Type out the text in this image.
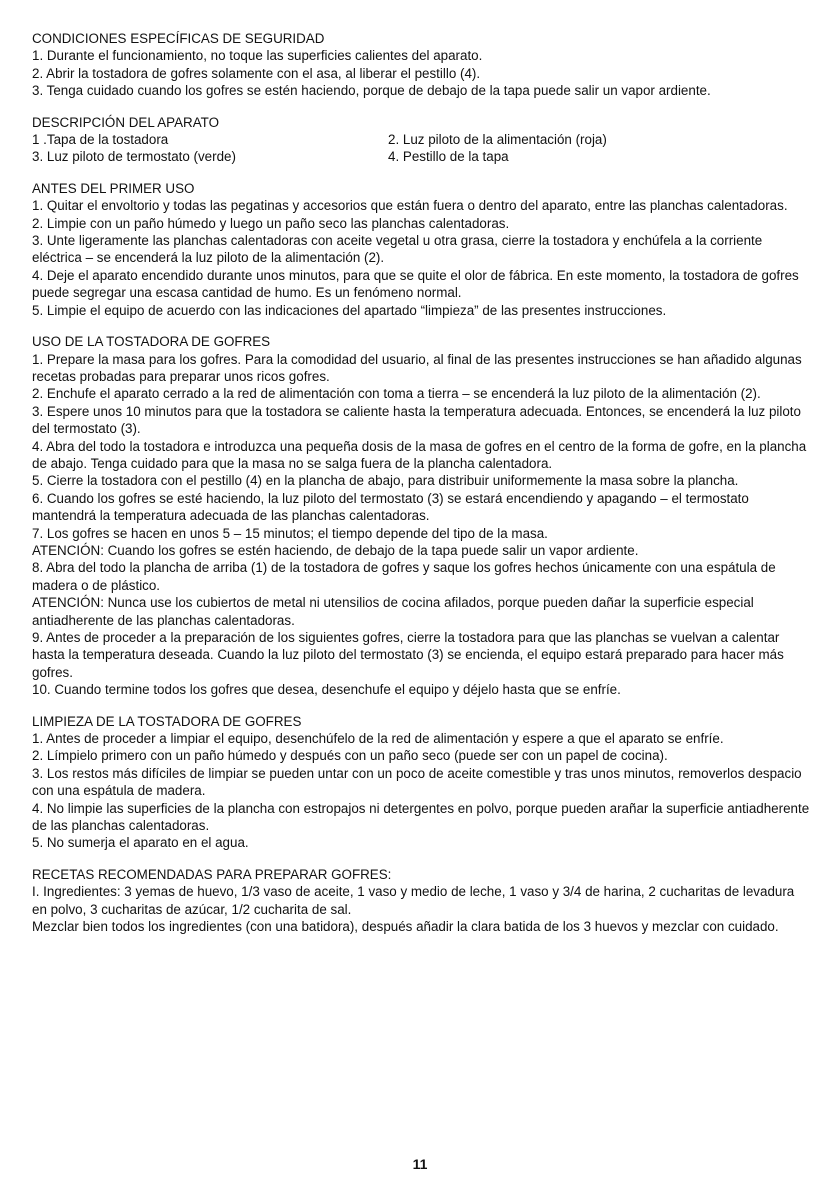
CONDICIONES ESPECÍFICAS DE SEGURIDAD

1. Durante el funcionamiento, no toque las superficies calientes del aparato.

2. Abrir la tostadora de gofres solamente con el asa, al liberar el pestillo (4).

3. Tenga cuidado cuando los gofres se estén haciendo, porque de debajo de la tapa puede salir un vapor ardiente.

DESCRIPCIÓN DEL APARATO

1 .Tapa de la tostadora	2. Luz piloto de la alimentación (roja)

3. Luz piloto de termostato (verde)	4. Pestillo de la tapa

ANTES DEL PRIMER USO

1. Quitar el envoltorio y todas las pegatinas y accesorios que están fuera o dentro del aparato, entre las planchas calentadoras.

2. Limpie con un paño húmedo y luego un paño seco las planchas calentadoras.

3. Unte ligeramente las planchas calentadoras con aceite vegetal u otra grasa, cierre la tostadora y enchúfela a la corriente eléctrica – se encenderá la luz piloto de la alimentación (2).

4. Deje el aparato encendido durante unos minutos, para que se quite el olor de fábrica. En este momento, la tostadora de gofres puede segregar una escasa cantidad de humo. Es un fenómeno normal.

5. Limpie el equipo de acuerdo con las indicaciones del apartado “limpieza” de las presentes instrucciones.

USO DE LA TOSTADORA DE GOFRES

1. Prepare la masa para los gofres. Para la comodidad del usuario, al final de las presentes instrucciones se han añadido algunas recetas probadas para preparar unos ricos gofres.

2. Enchufe el aparato cerrado a la red de alimentación con toma a tierra – se encenderá la luz piloto de la alimentación (2).

3. Espere unos 10 minutos para que la tostadora se caliente hasta la temperatura adecuada. Entonces, se encenderá la luz piloto del termostato (3).

4. Abra del todo la tostadora e introduzca una pequeña dosis de la masa de gofres en el centro de la forma de gofre, en la plancha de abajo. Tenga cuidado para que la masa no se salga fuera de la plancha calentadora.

5. Cierre la tostadora con el pestillo (4) en la plancha de abajo, para distribuir uniformemente la masa sobre la plancha.

6. Cuando los gofres se esté haciendo, la luz piloto del termostato (3) se estará encendiendo y apagando – el termostato mantendrá la temperatura adecuada de las planchas calentadoras.

7. Los gofres se hacen en unos 5 – 15 minutos; el tiempo depende del tipo de la masa.

ATENCIÓN: Cuando los gofres se estén haciendo, de debajo de la tapa puede salir un vapor ardiente.

8. Abra del todo la plancha de arriba (1) de la tostadora de gofres y saque los gofres hechos únicamente con una espátula de madera o de plástico.

ATENCIÓN: Nunca use los cubiertos de metal ni utensilios de cocina afilados, porque pueden dañar la superficie especial antiadherente de las planchas calentadoras.

9. Antes de proceder a la preparación de los siguientes gofres, cierre la tostadora para que las planchas se vuelvan a calentar hasta la temperatura deseada. Cuando la luz piloto del termostato (3) se encienda, el equipo estará preparado para hacer más gofres.

10. Cuando termine todos los gofres que desea, desenchufe el equipo y déjelo hasta que se enfríe.

LIMPIEZA DE LA TOSTADORA DE GOFRES

1. Antes de proceder a limpiar el equipo, desenchúfelo de la red de alimentación y espere a que el aparato se enfríe.

2. Límpielo primero con un paño húmedo y después con un paño seco (puede ser con un papel de cocina).

3. Los restos más difíciles de limpiar se pueden untar con un poco de aceite comestible y tras unos minutos, removerlos despacio con una espátula de madera.

4. No limpie las superficies de la plancha con estropajos ni detergentes en polvo, porque pueden arañar la superficie antiadherente de las planchas calentadoras.

5. No sumerja el aparato en el agua.

RECETAS RECOMENDADAS PARA PREPARAR GOFRES:

I. Ingredientes: 3 yemas de huevo, 1/3 vaso de aceite, 1 vaso y medio de leche, 1 vaso y 3/4 de harina, 2 cucharitas de levadura en polvo, 3 cucharitas de azúcar, 1/2 cucharita de sal.

Mezclar bien todos los ingredientes (con una batidora), después añadir la clara batida de los 3 huevos y mezclar con cuidado.

11
